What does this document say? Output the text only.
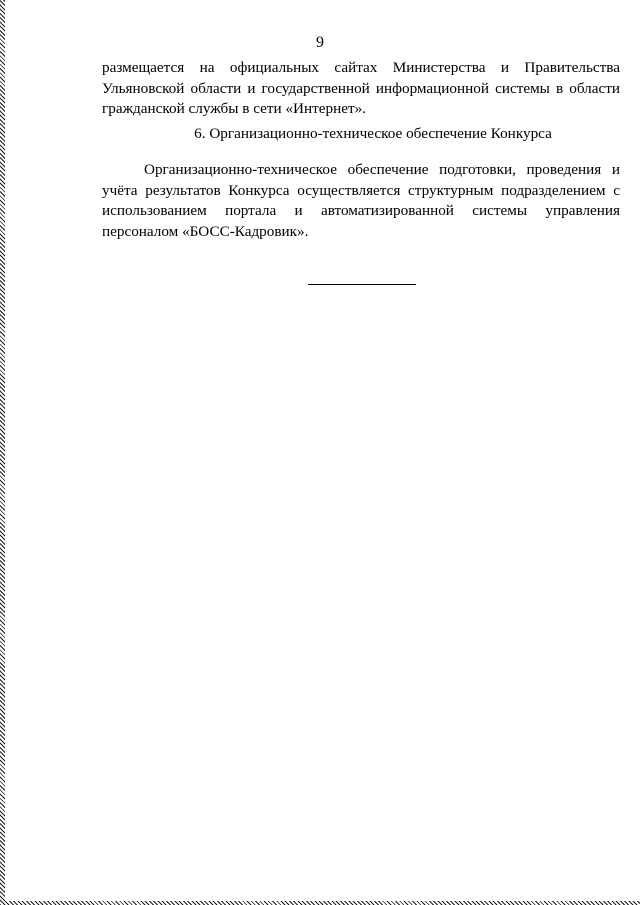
9
размещается на официальных сайтах Министерства и Правительства Ульяновской области и государственной информационной системы в области гражданской службы в сети «Интернет».
6. Организационно-техническое обеспечение Конкурса
Организационно-техническое обеспечение подготовки, проведения и учёта результатов Конкурса осуществляется структурным подразделением с использованием портала и автоматизированной системы управления персоналом «БОСС-Кадровик».
